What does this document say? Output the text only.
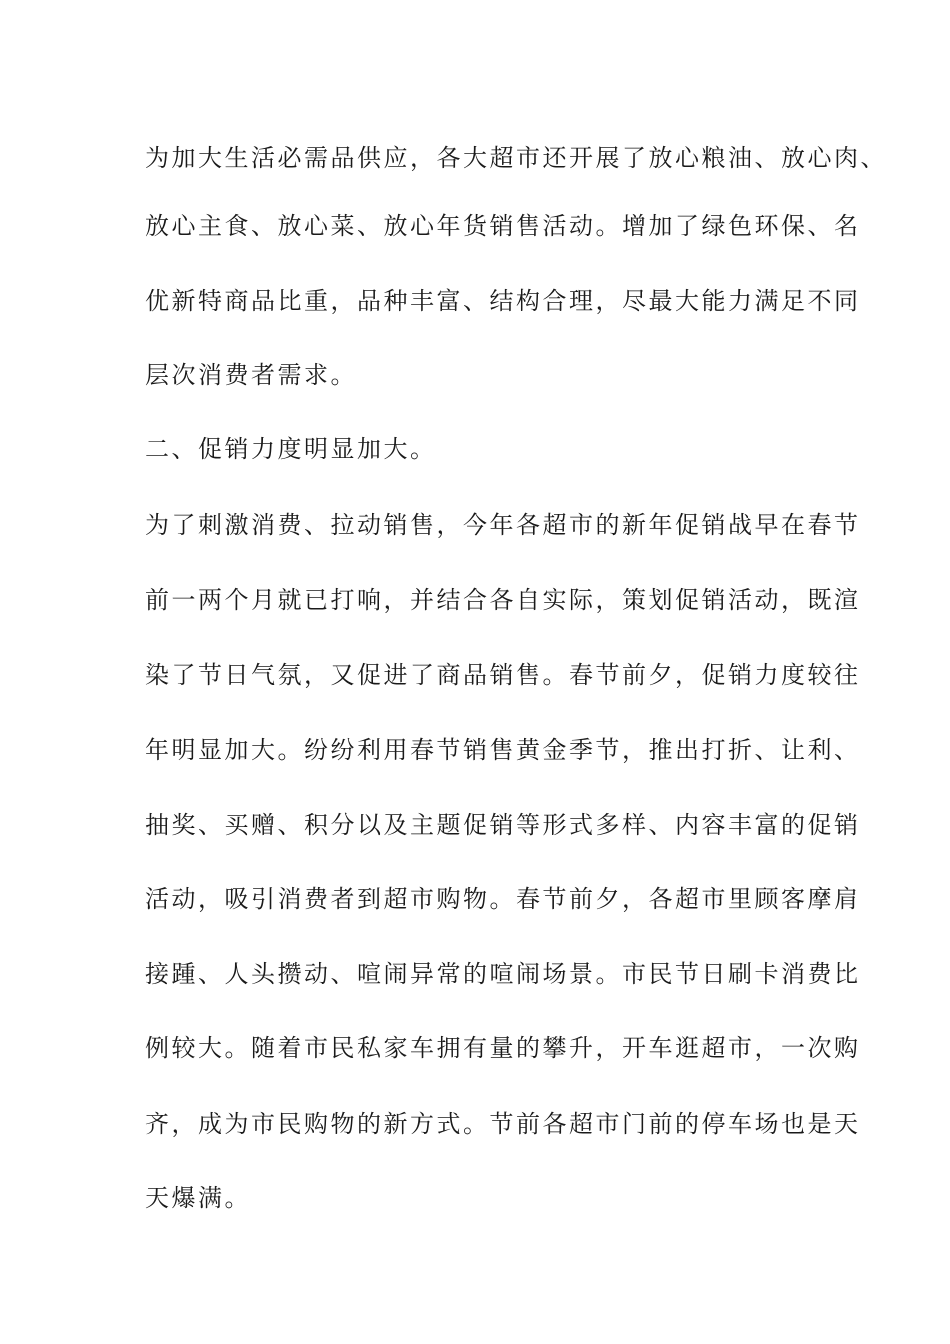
为加大生活必需品供应，各大超市还开展了放心粮油、放心肉、
放心主食、放心菜、放心年货销售活动。增加了绿色环保、名
优新特商品比重，品种丰富、结构合理，尽最大能力满足不同
层次消费者需求。
二、促销力度明显加大。
为了刺激消费、拉动销售，今年各超市的新年促销战早在春节
前一两个月就已打响，并结合各自实际，策划促销活动，既渲
染了节日气氛，又促进了商品销售。春节前夕，促销力度较往
年明显加大。纷纷利用春节销售黄金季节，推出打折、让利、
抽奖、买赠、积分以及主题促销等形式多样、内容丰富的促销
活动，吸引消费者到超市购物。春节前夕，各超市里顾客摩肩
接踵、人头攒动、喧闹异常的喧闹场景。市民节日刷卡消费比
例较大。随着市民私家车拥有量的攀升，开车逛超市，一次购
齐，成为市民购物的新方式。节前各超市门前的停车场也是天
天爆满。
